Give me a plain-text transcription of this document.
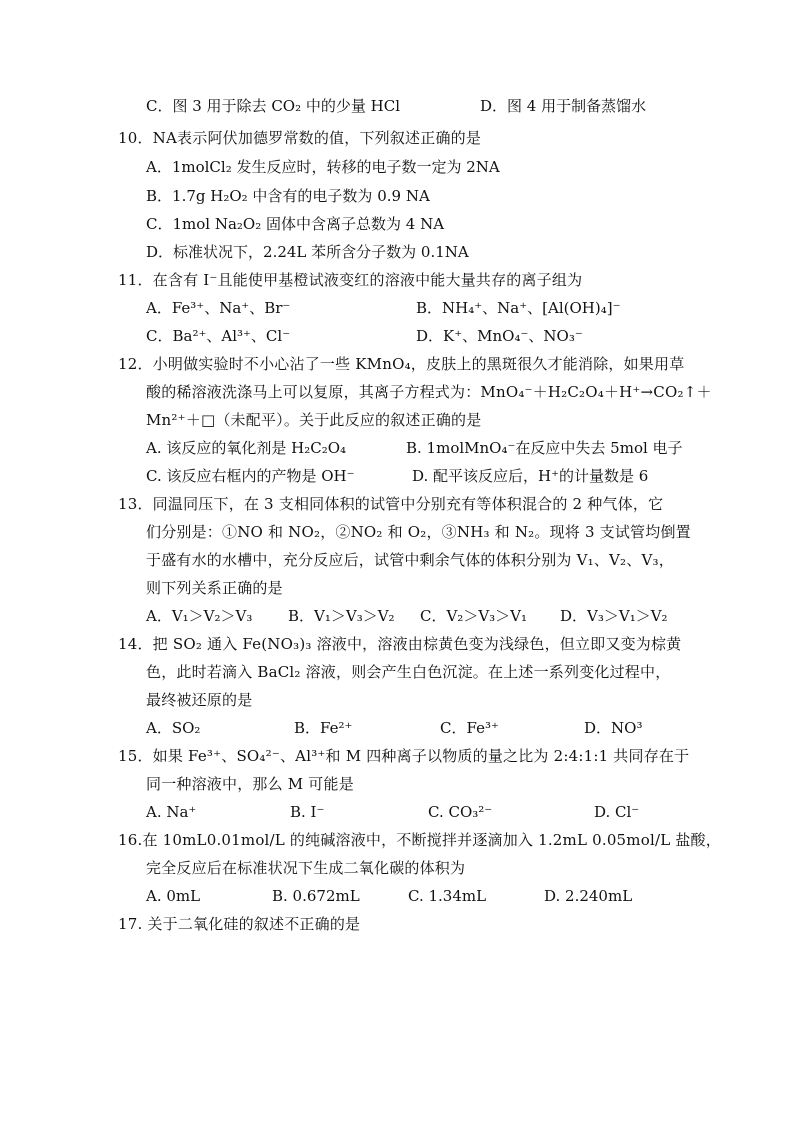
C．图 3 用于除去 CO₂ 中的少量 HCl	D．图 4 用于制备蒸馏水
10．NA表示阿伏加德罗常数的值，下列叙述正确的是
A．1molCl₂ 发生反应时，转移的电子数一定为 2NA
B．1.7g H₂O₂ 中含有的电子数为 0.9 NA
C．1mol Na₂O₂ 固体中含离子总数为 4 NA
D．标准状况下，2.24L 苯所含分子数为 0.1NA
11．在含有 I⁻且能使甲基橙试液变红的溶液中能大量共存的离子组为
A．Fe³⁺、Na⁺、Br⁻	B．NH₄⁺、Na⁺、[Al(OH)₄]⁻
C．Ba²⁺、Al³⁺、Cl⁻	D．K⁺、MnO₄⁻、NO₃⁻
12．小明做实验时不小心沾了一些 KMnO₄，皮肤上的黑斑很久才能消除，如果用草
酸的稀溶液洗涤马上可以复原，其离子方程式为：MnO₄⁻＋H₂C₂O₄＋H⁺→CO₂↑＋
Mn²⁺＋□（未配平）。关于此反应的叙述正确的是
A. 该反应的氧化剂是 H₂C₂O₄	B. 1molMnO₄⁻在反应中失去 5mol 电子
C. 该反应右框内的产物是 OH⁻	D. 配平该反应后，H⁺的计量数是 6
13．同温同压下，在 3 支相同体积的试管中分别充有等体积混合的 2 种气体，它
们分别是：①NO 和 NO₂，②NO₂ 和 O₂，③NH₃ 和 N₂。现将 3 支试管均倒置
于盛有水的水槽中，充分反应后，试管中剩余气体的体积分别为 V₁、V₂、V₃，
则下列关系正确的是
A．V₁＞V₂＞V₃ B．V₁＞V₃＞V₂ C．V₂＞V₃＞V₁ D．V₃＞V₁＞V₂
14．把 SO₂ 通入 Fe(NO₃)₃ 溶液中，溶液由棕黄色变为浅绿色，但立即又变为棕黄
色，此时若滴入 BaCl₂ 溶液，则会产生白色沉淀。在上述一系列变化过程中，
最终被还原的是
A．SO₂	B．Fe²⁺	C．Fe³⁺	D．NO³
15．如果 Fe³⁺、SO₄²⁻、Al³⁺和 M 四种离子以物质的量之比为 2:4:1:1 共同存在于
同一种溶液中，那么 M 可能是
A. Na⁺	B. I⁻	C. CO₃²⁻	D. Cl⁻
16.在 10mL0.01mol/L 的纯碱溶液中，不断搅拌并逐滴加入 1.2mL 0.05mol/L 盐酸，
完全反应后在标准状况下生成二氧化碳的体积为
A. 0mL	B. 0.672mL	C. 1.34mL	D. 2.240mL
17. 关于二氧化硅的叙述不正确的是
